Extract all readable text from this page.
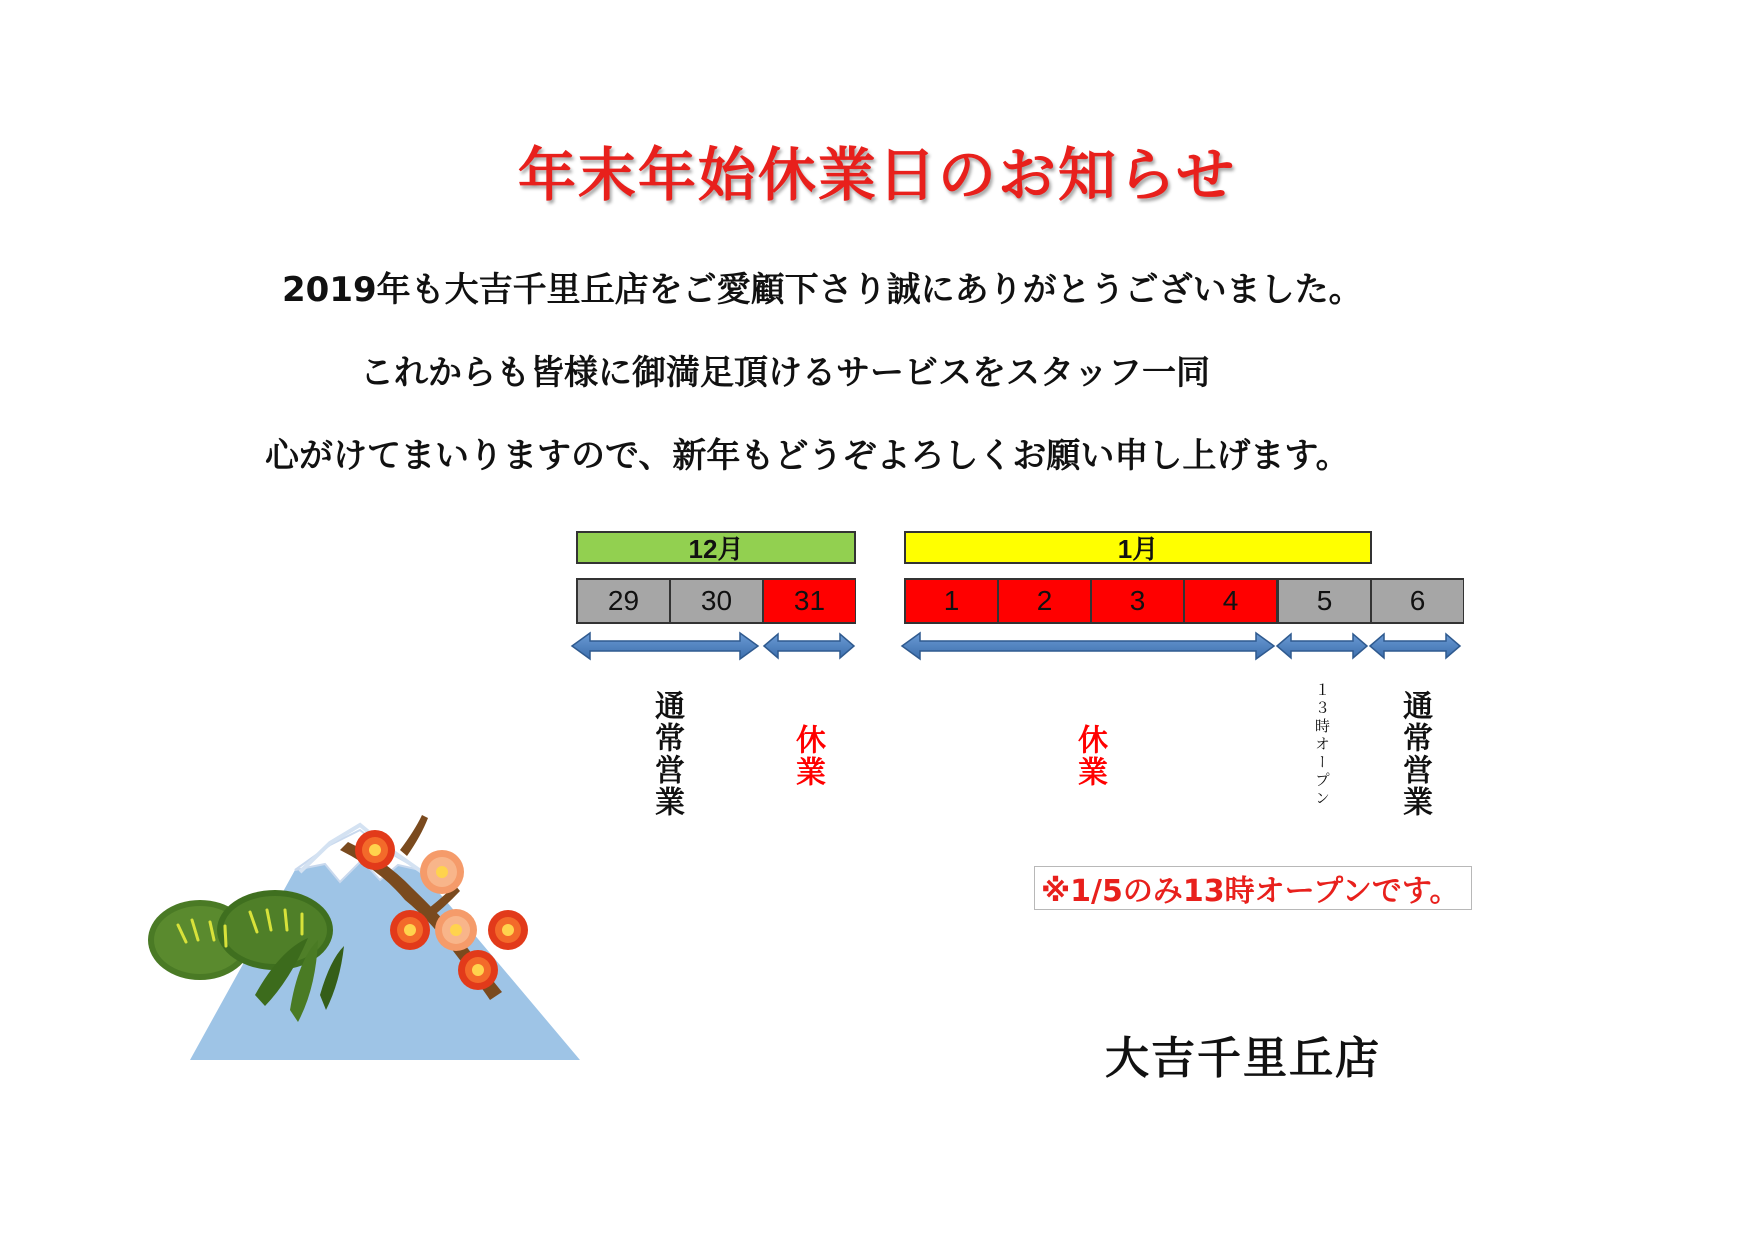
年末年始休業日のお知らせ
2019年も大吉千里丘店をご愛顧下さり誠にありがとうございました。
これからも皆様に御満足頂けるサービスをスタッフ一同
心がけてまいりますので、新年もどうぞよろしくお願い申し上げます。
12月	1月
29	30	31	1	2	3	4	5	6
通常営業	休業	休業	１３時オープン 通常営業
※1/5のみ13時オープンです。
大吉千里丘店
